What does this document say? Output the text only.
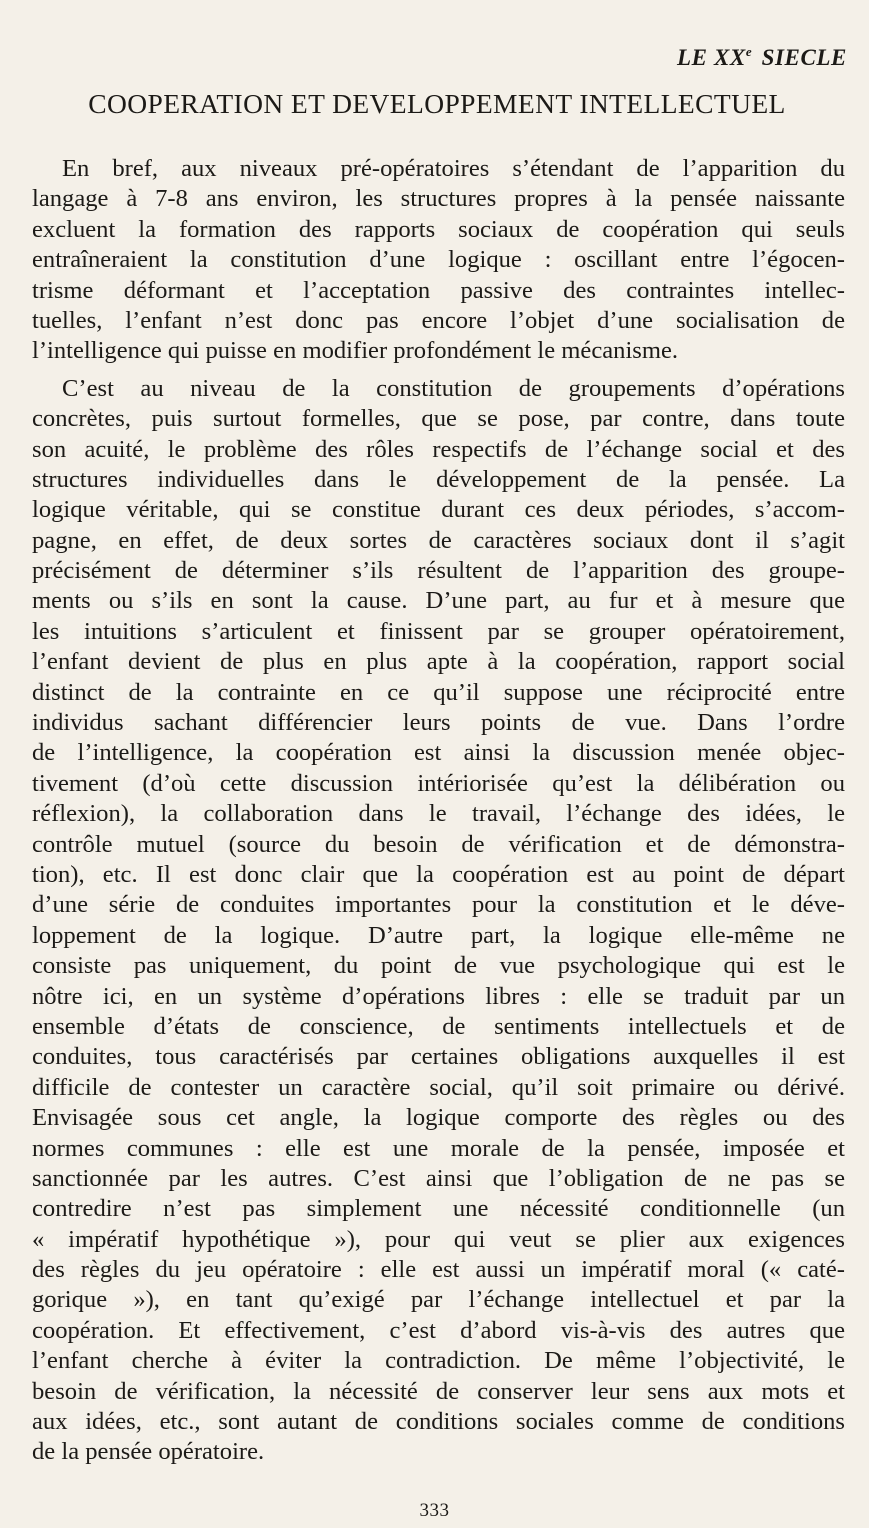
LE XXe SIECLE
COOPERATION ET DEVELOPPEMENT INTELLECTUEL
En bref, aux niveaux pré-opératoires s’étendant de l’apparition du
langage à 7-8 ans environ, les structures propres à la pensée naissante
excluent la formation des rapports sociaux de coopération qui seuls
entraîneraient la constitution d’une logique : oscillant entre l’égocen-
trisme déformant et l’acceptation passive des contraintes intellec-
tuelles, l’enfant n’est donc pas encore l’objet d’une socialisation de
l’intelligence qui puisse en modifier profondément le mécanisme.
C’est au niveau de la constitution de groupements d’opérations
concrètes, puis surtout formelles, que se pose, par contre, dans toute
son acuité, le problème des rôles respectifs de l’échange social et des
structures individuelles dans le développement de la pensée. La
logique véritable, qui se constitue durant ces deux périodes, s’accom-
pagne, en effet, de deux sortes de caractères sociaux dont il s’agit
précisément de déterminer s’ils résultent de l’apparition des groupe-
ments ou s’ils en sont la cause. D’une part, au fur et à mesure que
les intuitions s’articulent et finissent par se grouper opératoirement,
l’enfant devient de plus en plus apte à la coopération, rapport social
distinct de la contrainte en ce qu’il suppose une réciprocité entre
individus sachant différencier leurs points de vue. Dans l’ordre
de l’intelligence, la coopération est ainsi la discussion menée objec-
tivement (d’où cette discussion intériorisée qu’est la délibération ou
réflexion), la collaboration dans le travail, l’échange des idées, le
contrôle mutuel (source du besoin de vérification et de démonstra-
tion), etc. Il est donc clair que la coopération est au point de départ
d’une série de conduites importantes pour la constitution et le déve-
loppement de la logique. D’autre part, la logique elle-même ne
consiste pas uniquement, du point de vue psychologique qui est le
nôtre ici, en un système d’opérations libres : elle se traduit par un
ensemble d’états de conscience, de sentiments intellectuels et de
conduites, tous caractérisés par certaines obligations auxquelles il est
difficile de contester un caractère social, qu’il soit primaire ou dérivé.
Envisagée sous cet angle, la logique comporte des règles ou des
normes communes : elle est une morale de la pensée, imposée et
sanctionnée par les autres. C’est ainsi que l’obligation de ne pas se
contredire n’est pas simplement une nécessité conditionnelle (un
« impératif hypothétique »), pour qui veut se plier aux exigences
des règles du jeu opératoire : elle est aussi un impératif moral (« caté-
gorique »), en tant qu’exigé par l’échange intellectuel et par la
coopération. Et effectivement, c’est d’abord vis-à-vis des autres que
l’enfant cherche à éviter la contradiction. De même l’objectivité, le
besoin de vérification, la nécessité de conserver leur sens aux mots et
aux idées, etc., sont autant de conditions sociales comme de conditions
de la pensée opératoire.
333
